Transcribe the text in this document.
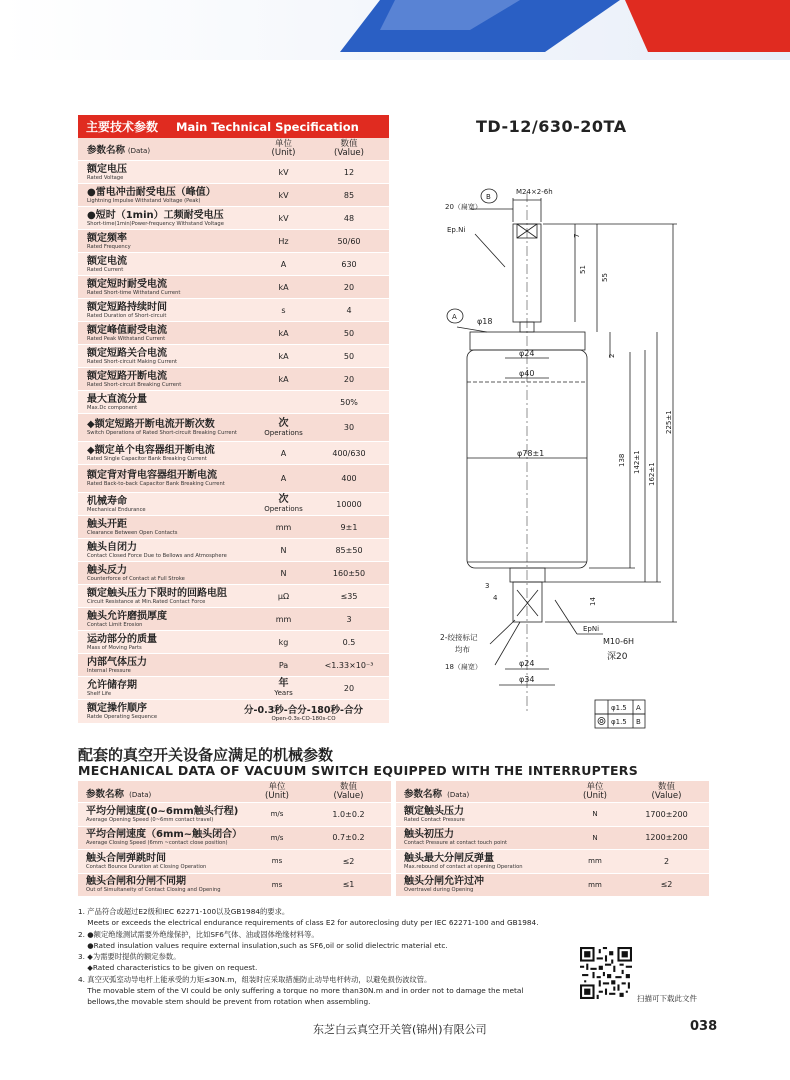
TD-12/630-20TA
主要技术参数 Main Technical Specification
参数名称 (Data)
单位
(Unit)
数值
(Value)
额定电压
Rated Voltage
kV	12
●雷电冲击耐受电压（峰值）
Lightning Impulse Withstand Voltage (Peak)
kV	85
●短时（1min）工频耐受电压
Short-time(1min)Power-frequency Withstand Voltage
kV	48
额定频率
Rated Frequency
Hz	50/60
额定电流
Rated Current
A	630
额定短时耐受电流
Rated Short-time Withstand Current
kA	20
额定短路持续时间
Rated Duration of Short-circuit
s	4
额定峰值耐受电流
Rated Peak Withstand Current
kA	50
额定短路关合电流
Rated Short-circuit Making Current
kA	50
额定短路开断电流
Rated Short-circuit Breaking Current
kA	20
最大直流分量
Max.Dc component
50%
◆额定短路开断电流开断次数
Switch Operations of Rated Short-circuit Breaking Current
次
Operations
30
◆额定单个电容器组开断电流
Rated Single Capacitor Bank Breaking Current
A	400/630
额定背对背电容器组开断电流
Rated Back-to-back Capacitor Bank Breaking Current
A	400
机械寿命
Mechanical Endurance
次
Operations
10000
触头开距
Clearance Between Open Contacts
mm	9±1
触头自闭力
Contact Closed Force Due to Bellows and Atmosphere
N	85±50
触头反力
Counterforce of Contact at Full Stroke
N	160±50
额定触头压力下限时的回路电阻
Circuit Resistance at Min.Rated Contact Force
μΩ	≤35
触头允许磨损厚度
Contact Limit Erosion
mm	3
运动部分的质量
Mass of Moving Parts
kg	0.5
内部气体压力
Internal Pressure
Pa	<1.33×10⁻³
允许储存期
Shelf Life
年
Years
20
额定操作顺序
Ratde Operating Sequence
分-0.3秒-合分-180秒-合分
Open-0.3s-CO-180s-CO
20（扁宽）
B
M24×2-6h
Ep.Ni
A	φ18
φ24
φ40
φ78±1
7
51
55
2
138 142±1
162±1
225±1
3
4	14
2-绞接标记
均布
18（扁宽）
EpNi
M10-6H
深20
φ24
φ34
φ1.5 A
φ1.5 B
配套的真空开关设备应满足的机械参数
MECHANICAL DATA OF VACUUM SWITCH EQUIPPED WITH THE INTERRUPTERS
参数名称 (Data)
单位
(Unit)
数值
(Value)
平均分闸速度(0~6mm触头行程)
Average Opening Speed (0~6mm contact travel)
m/s	1.0±0.2
平均合闸速度（6mm~触头闭合）
Average Closing Speed (6mm ~contact close position)
m/s	0.7±0.2
触头合闸弹跳时间
Contact Bounce Duration at Closing Operation
ms	≤2
触头合闸和分闸不同期
Out of Simultaneity of Contact Closing and Opening
ms	≤1
参数名称 (Data)
单位
(Unit)
数值
(Value)
额定触头压力
Rated Contact Pressure
N	1700±200
触头初压力
Contact Pressure at contact touch point
N	1200±200
触头最大分闸反弹量
Max.rebound of contact at opening Operation
mm	2
触头分闸允许过冲
Overtravel during Opening
mm	≤2
1. 产品符合或超过E2级和IEC 62271-100以及GB1984的要求。
Meets or exceeds the electrical endurance requirements of class E2 for autoreclosing duty per IEC 62271-100 and GB1984.
2. ●额定绝缘测试需要外绝缘保护，比如SF6气体、油或固体绝缘材料等。
●Rated insulation values require external insulation,such as SF6,oil or solid dielectric material etc.
3. ◆为需要时提供的额定参数。
◆Rated characteristics to be given on request.
4. 真空灭弧室动导电杆上能承受的力矩≤30N.m，组装时应采取措施防止动导电杆转动，以避免损伤波纹管。
The movable stem of the VI could be only suffering a torque no more than30N.m and in order not to damage the metal
bellows,the movable stem should be prevent from rotation when assembling.	扫描可下载此文件
东芝白云真空开关管(锦州)有限公司	038
